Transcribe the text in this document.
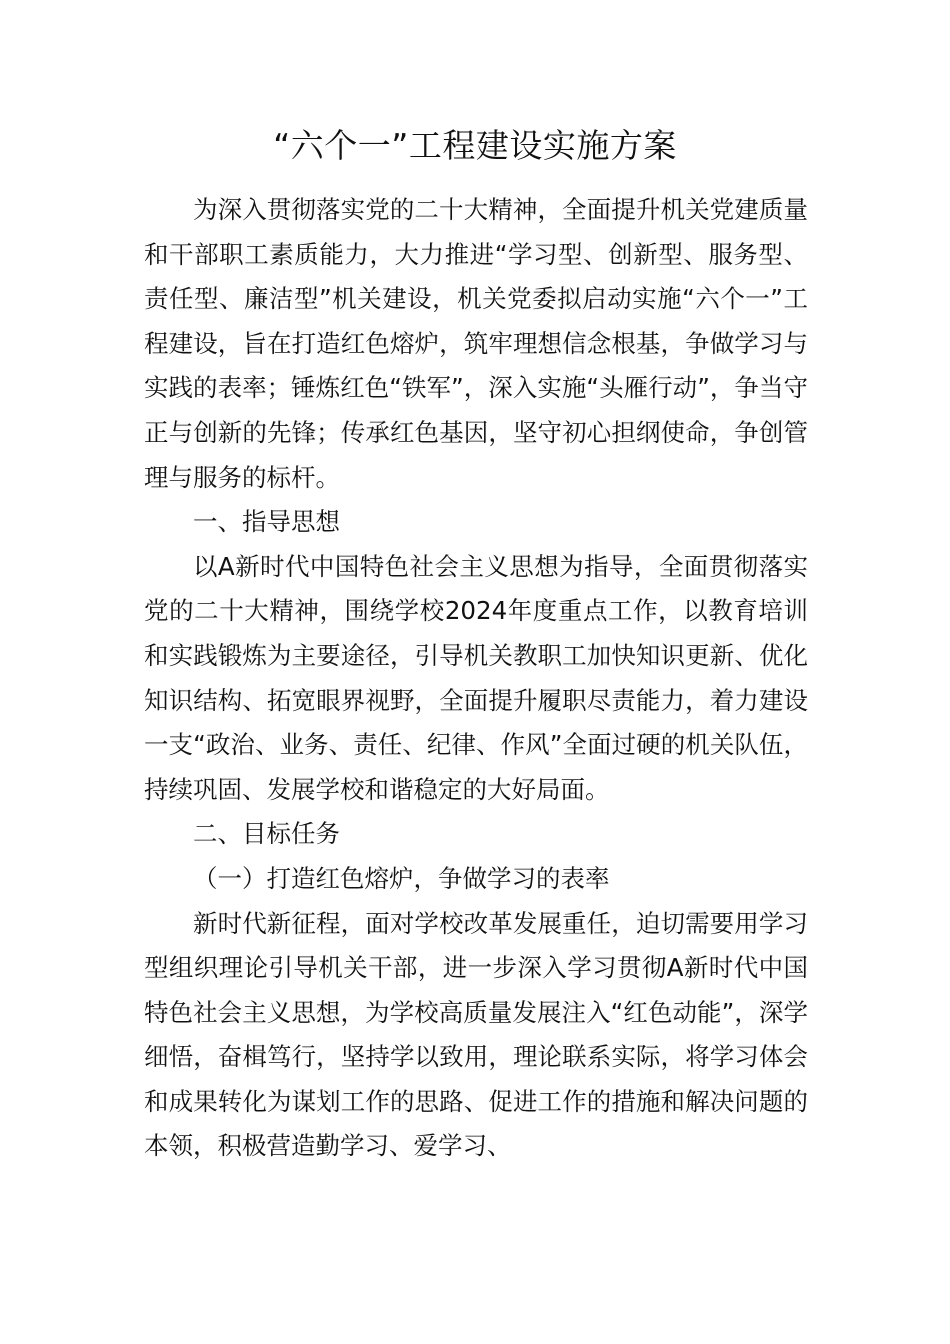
“六个一”工程建设实施方案

为深入贯彻落实党的二十大精神，全面提升机关党建质量和干部职工素质能力，大力推进“学习型、创新型、服务型、责任型、廉洁型”机关建设，机关党委拟启动实施“六个一”工程建设，旨在打造红色熔炉，筑牢理想信念根基，争做学习与实践的表率；锤炼红色“铁军”，深入实施“头雁行动”，争当守正与创新的先锋；传承红色基因，坚守初心担纲使命，争创管理与服务的标杆。

一、指导思想

以A新时代中国特色社会主义思想为指导，全面贯彻落实党的二十大精神，围绕学校2024年度重点工作，以教育培训和实践锻炼为主要途径，引导机关教职工加快知识更新、优化知识结构、拓宽眼界视野，全面提升履职尽责能力，着力建设一支“政治、业务、责任、纪律、作风”全面过硬的机关队伍，持续巩固、发展学校和谐稳定的大好局面。

二、目标任务

（一）打造红色熔炉，争做学习的表率

新时代新征程，面对学校改革发展重任，迫切需要用学习型组织理论引导机关干部，进一步深入学习贯彻A新时代中国特色社会主义思想，为学校高质量发展注入“红色动能”，深学细悟，奋楫笃行，坚持学以致用，理论联系实际，将学习体会和成果转化为谋划工作的思路、促进工作的措施和解决问题的本领，积极营造勤学习、爱学习、
